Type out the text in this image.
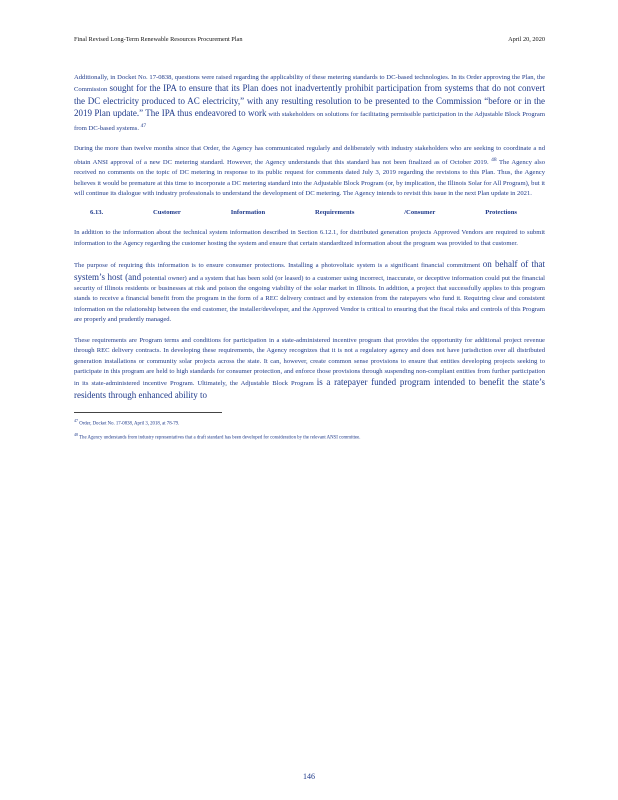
Final Revised Long-Term Renewable Resources Procurement Plan	April 20, 2020

Additionally, in Docket No. 17-0838, questions were raised regarding the applicability of these metering standards to DC-based technologies. In its Order approving the Plan, the Commission sought for the IPA to ensure that its Plan does not inadvertently prohibit participation from systems that do not convert the DC electricity produced to AC electricity,” with any resulting resolution to be presented to the Commission “before or in the 2019 Plan update.” The IPA thus endeavored to work with stakeholders on solutions for facilitating permissible participation in the Adjustable Block Program from DC-based systems. $^{47}$

During the more than twelve months since that Order, the Agency has communicated regularly and deliberately with industry stakeholders who are seeking to coordinate a nd obtain ANSI approval of a new DC metering standard. However, the Agency understands that this standard has not been finalized as of October 2019. $^{48}$ The Agency also received no comments on the topic of DC metering in response to its public request for comments dated July 3, 2019 regarding the revisions to this Plan. Thus, the Agency believes it would be premature at this time to incorporate a DC metering standard into the Adjustable Block Program (or, by implication, the Illinois Solar for All Program), but it will continue its dialogue with industry professionals to understand the development of DC metering. The Agency intends to revisit this issue in the next Plan update in 2021.

6.13.	Customer	Information	Requirements	/Consumer	Protections

In addition to the information about the technical system information described in Section 6.12.1, for distributed generation projects Approved Vendors are required to submit information to the Agency regarding the customer hosting the system and ensure that certain standardized information about the program was provided to that customer.

The purpose of requiring this information is to ensure consumer protections. Installing a photovoltaic system is a significant financial commitment on behalf of that system’s host (and potential owner) and a system that has been sold (or leased) to a customer using incorrect, inaccurate, or deceptive information could put the financial security of Illinois residents or businesses at risk and poison the ongoing viability of the solar market in Illinois. In addition, a project that successfully applies to this program stands to receive a financial benefit from the program in the form of a REC delivery contract and by extension from the ratepayers who fund it. Requiring clear and consistent information on the relationship between the end customer, the installer/developer, and the Approved Vendor is critical to ensuring that the fiscal risks and controls of this Program are properly and prudently managed.

These requirements are Program terms and conditions for participation in a state-administered incentive program that provides the opportunity for additional project revenue through REC delivery contracts. In developing these requirements, the Agency recognizes that it is not a regulatory agency and does not have jurisdiction over all distributed generation installations or community solar projects across the state. It can, however, create common sense provisions to ensure that entities developing projects seeking to participate in this program are held to high standards for consumer protection, and enforce those provisions through suspending non-compliant entities from further participation in its state-administered incentive Program. Ultimately, the Adjustable Block Program is a ratepayer funded program intended to benefit the state’s residents through enhanced ability to

$^{47}$ Order, Docket No. 17-0838, April 3, 2018, at 78-79.

$^{48}$ The Agency understands from industry representatives that a draft standard has been developed for consideration by the relevant ANSI committee.

146
